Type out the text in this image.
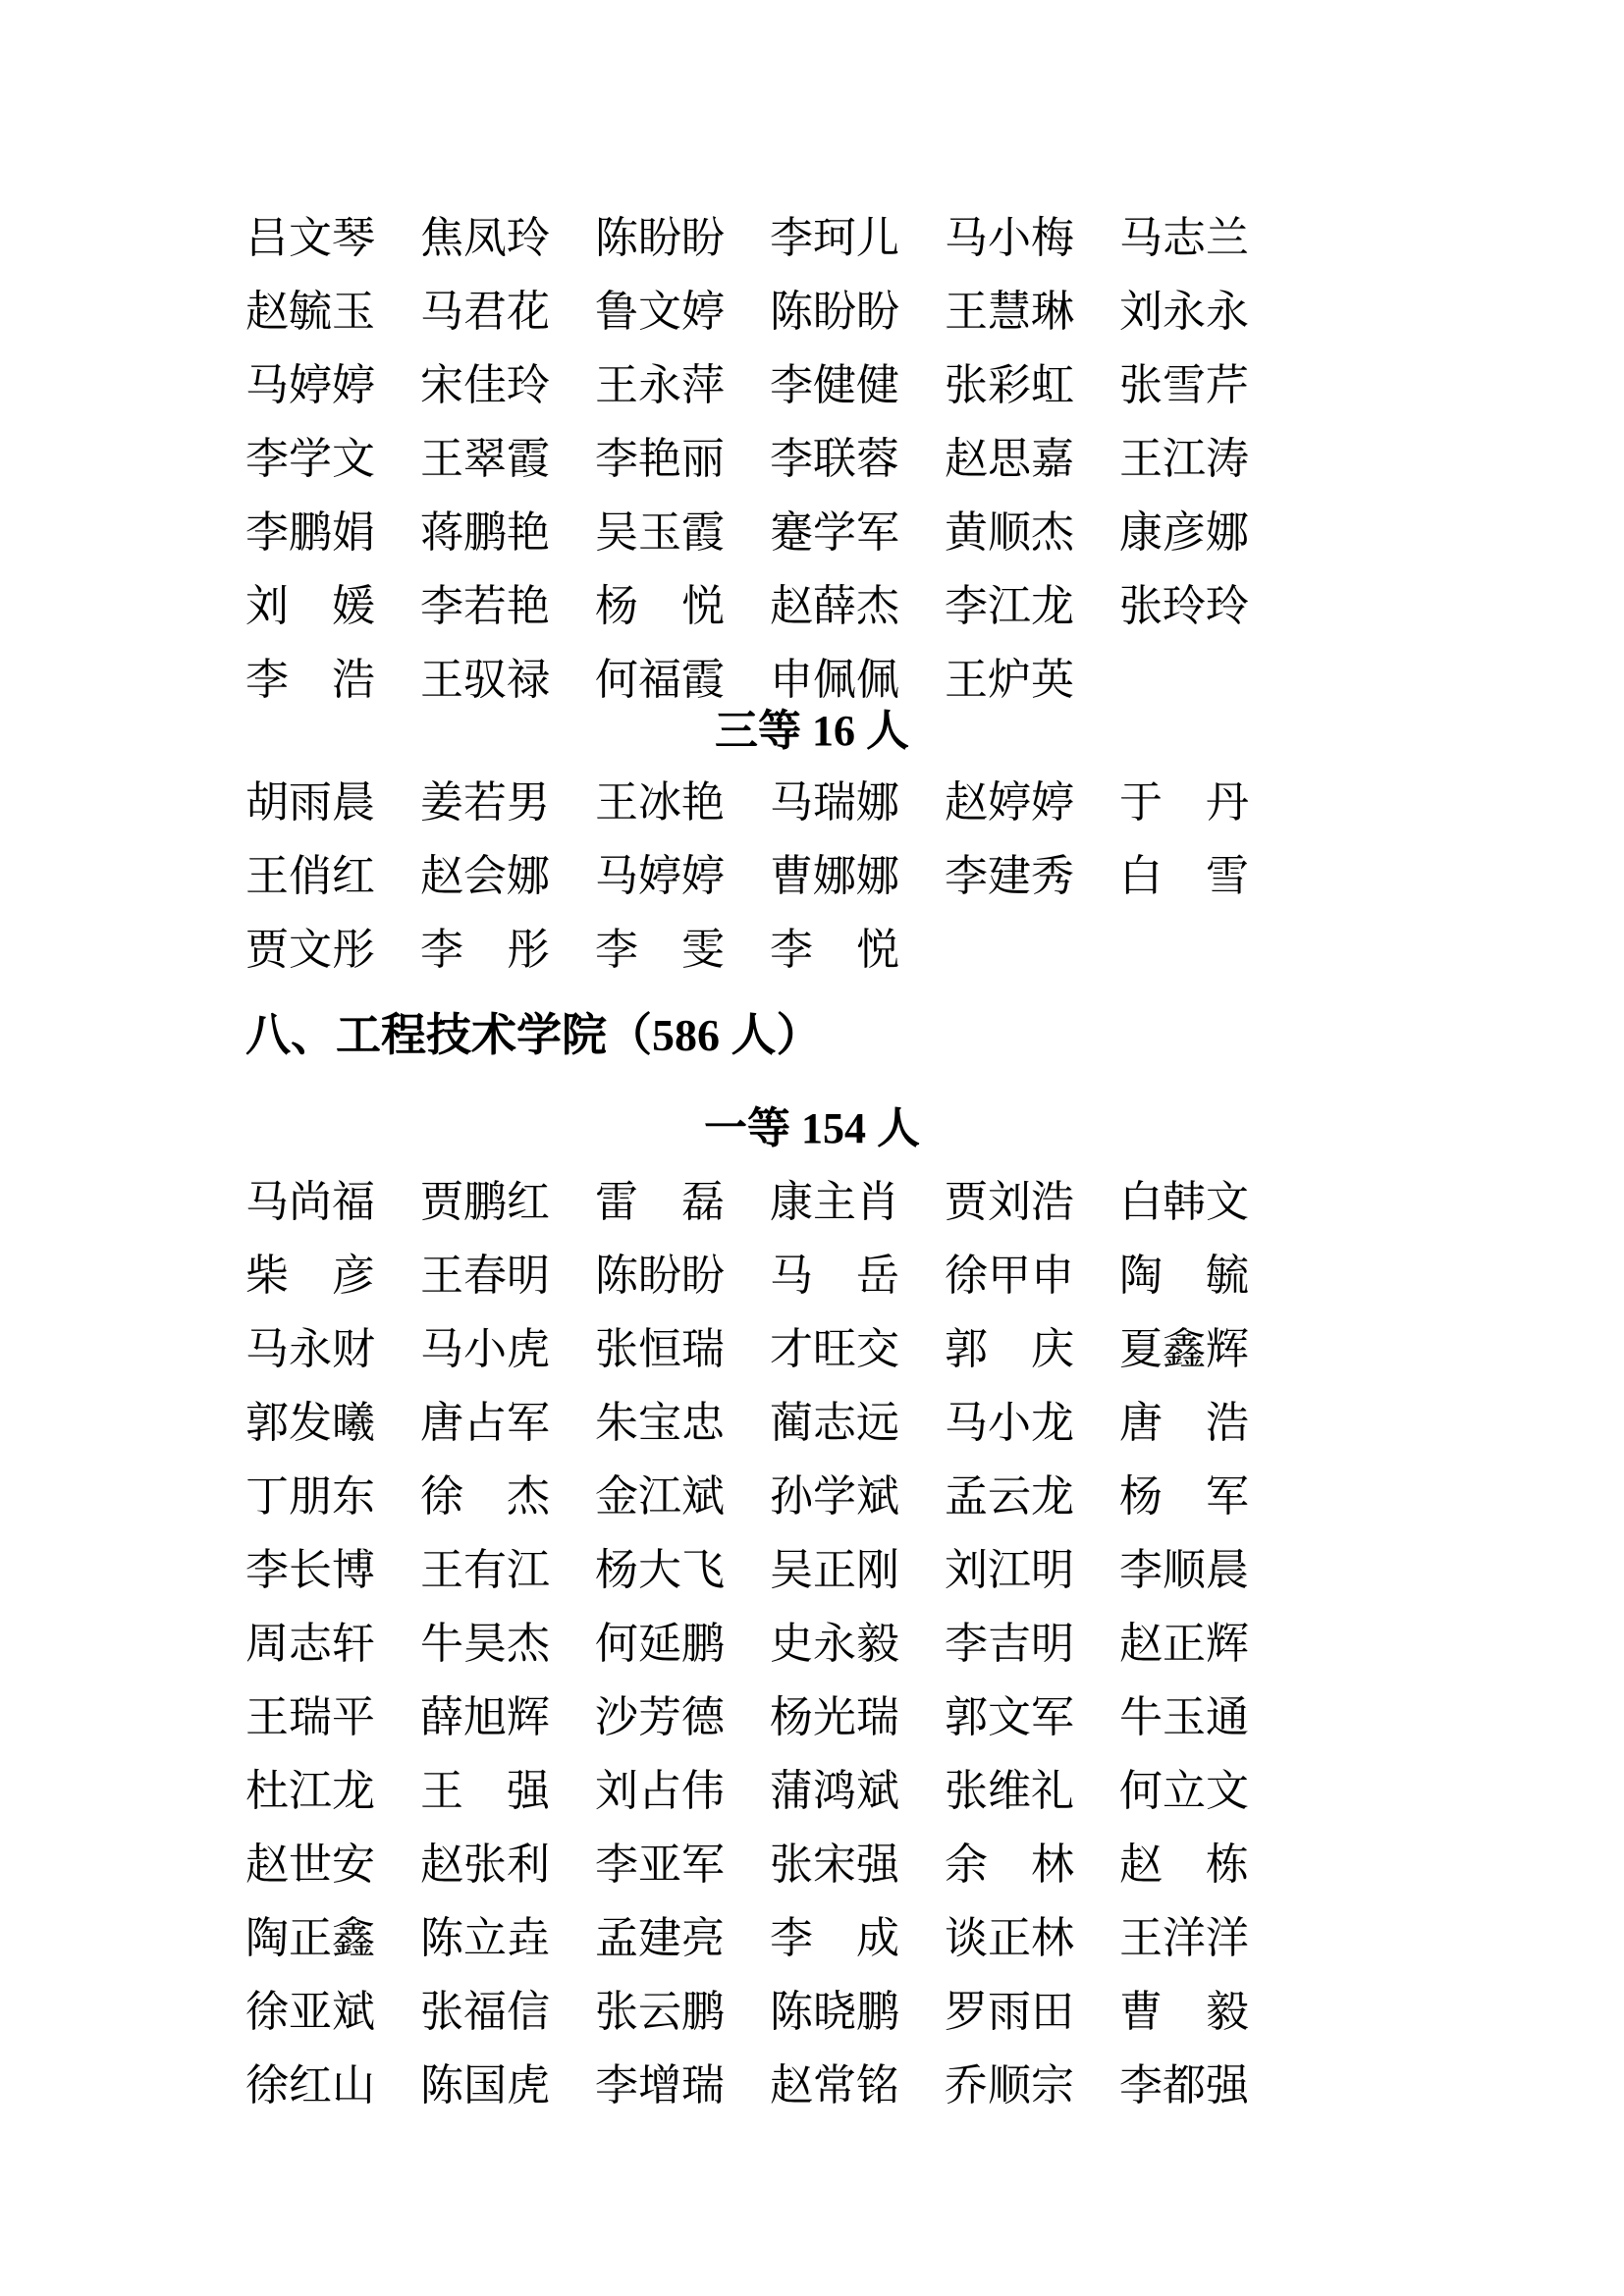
吕 文 琴 焦 凤 玲 陈 盼 盼 李 珂 儿 马 小 梅 马 志 兰
赵 毓 玉 马 君 花 鲁 文 婷 陈 盼 盼 王 慧 琳 刘 永 永
马 婷 婷 宋 佳 玲 王 永 萍 李 健 健 张 彩 虹 张 雪 芹
李 学 文 王 翠 霞 李 艳 丽 李 联 蓉 赵 思 嘉 王 江 涛
李 鹏 娟 蒋 鹏 艳 吴 玉 霞 蹇 学 军 黄 顺 杰 康 彦 娜
刘 媛 李 若 艳 杨 悦 赵 薛 杰 李 江 龙 张 玲 玲
李 浩 王 驭 禄 何 福 霞 申 佩 佩 王 炉 英
三等 16 人
胡 雨 晨 姜 若 男 王 冰 艳 马 瑞 娜 赵 婷 婷 于 丹
王 俏 红 赵 会 娜 马 婷 婷 曹 娜 娜 李 建 秀 白 雪
贾 文 彤 李 彤 李 雯 李 悦
八、工程技术学院（586 人）
一等 154 人
马 尚 福 贾 鹏 红 雷 磊 康 主 肖 贾 刘 浩 白 韩 文
柴 彦 王 春 明 陈 盼 盼 马 岳 徐 甲 申 陶 毓
马 永 财 马 小 虎 张 恒 瑞 才 旺 交 郭 庆 夏 鑫 辉
郭 发 曦 唐 占 军 朱 宝 忠 蔺 志 远 马 小 龙 唐 浩
丁 朋 东 徐 杰 金 江 斌 孙 学 斌 孟 云 龙 杨 军
李 长 博 王 有 江 杨 大 飞 吴 正 刚 刘 江 明 李 顺 晨
周 志 轩 牛 昊 杰 何 延 鹏 史 永 毅 李 吉 明 赵 正 辉
王 瑞 平 薛 旭 辉 沙 芳 德 杨 光 瑞 郭 文 军 牛 玉 通
杜 江 龙 王 强 刘 占 伟 蒲 鸿 斌 张 维 礼 何 立 文
赵 世 安 赵 张 利 李 亚 军 张 宋 强 余 林 赵 栋
陶 正 鑫 陈 立 垚 孟 建 亮 李 成 谈 正 林 王 洋 洋
徐 亚 斌 张 福 信 张 云 鹏 陈 晓 鹏 罗 雨 田 曹 毅
徐 红 山 陈 国 虎 李 增 瑞 赵 常 铭 乔 顺 宗 李 都 强
